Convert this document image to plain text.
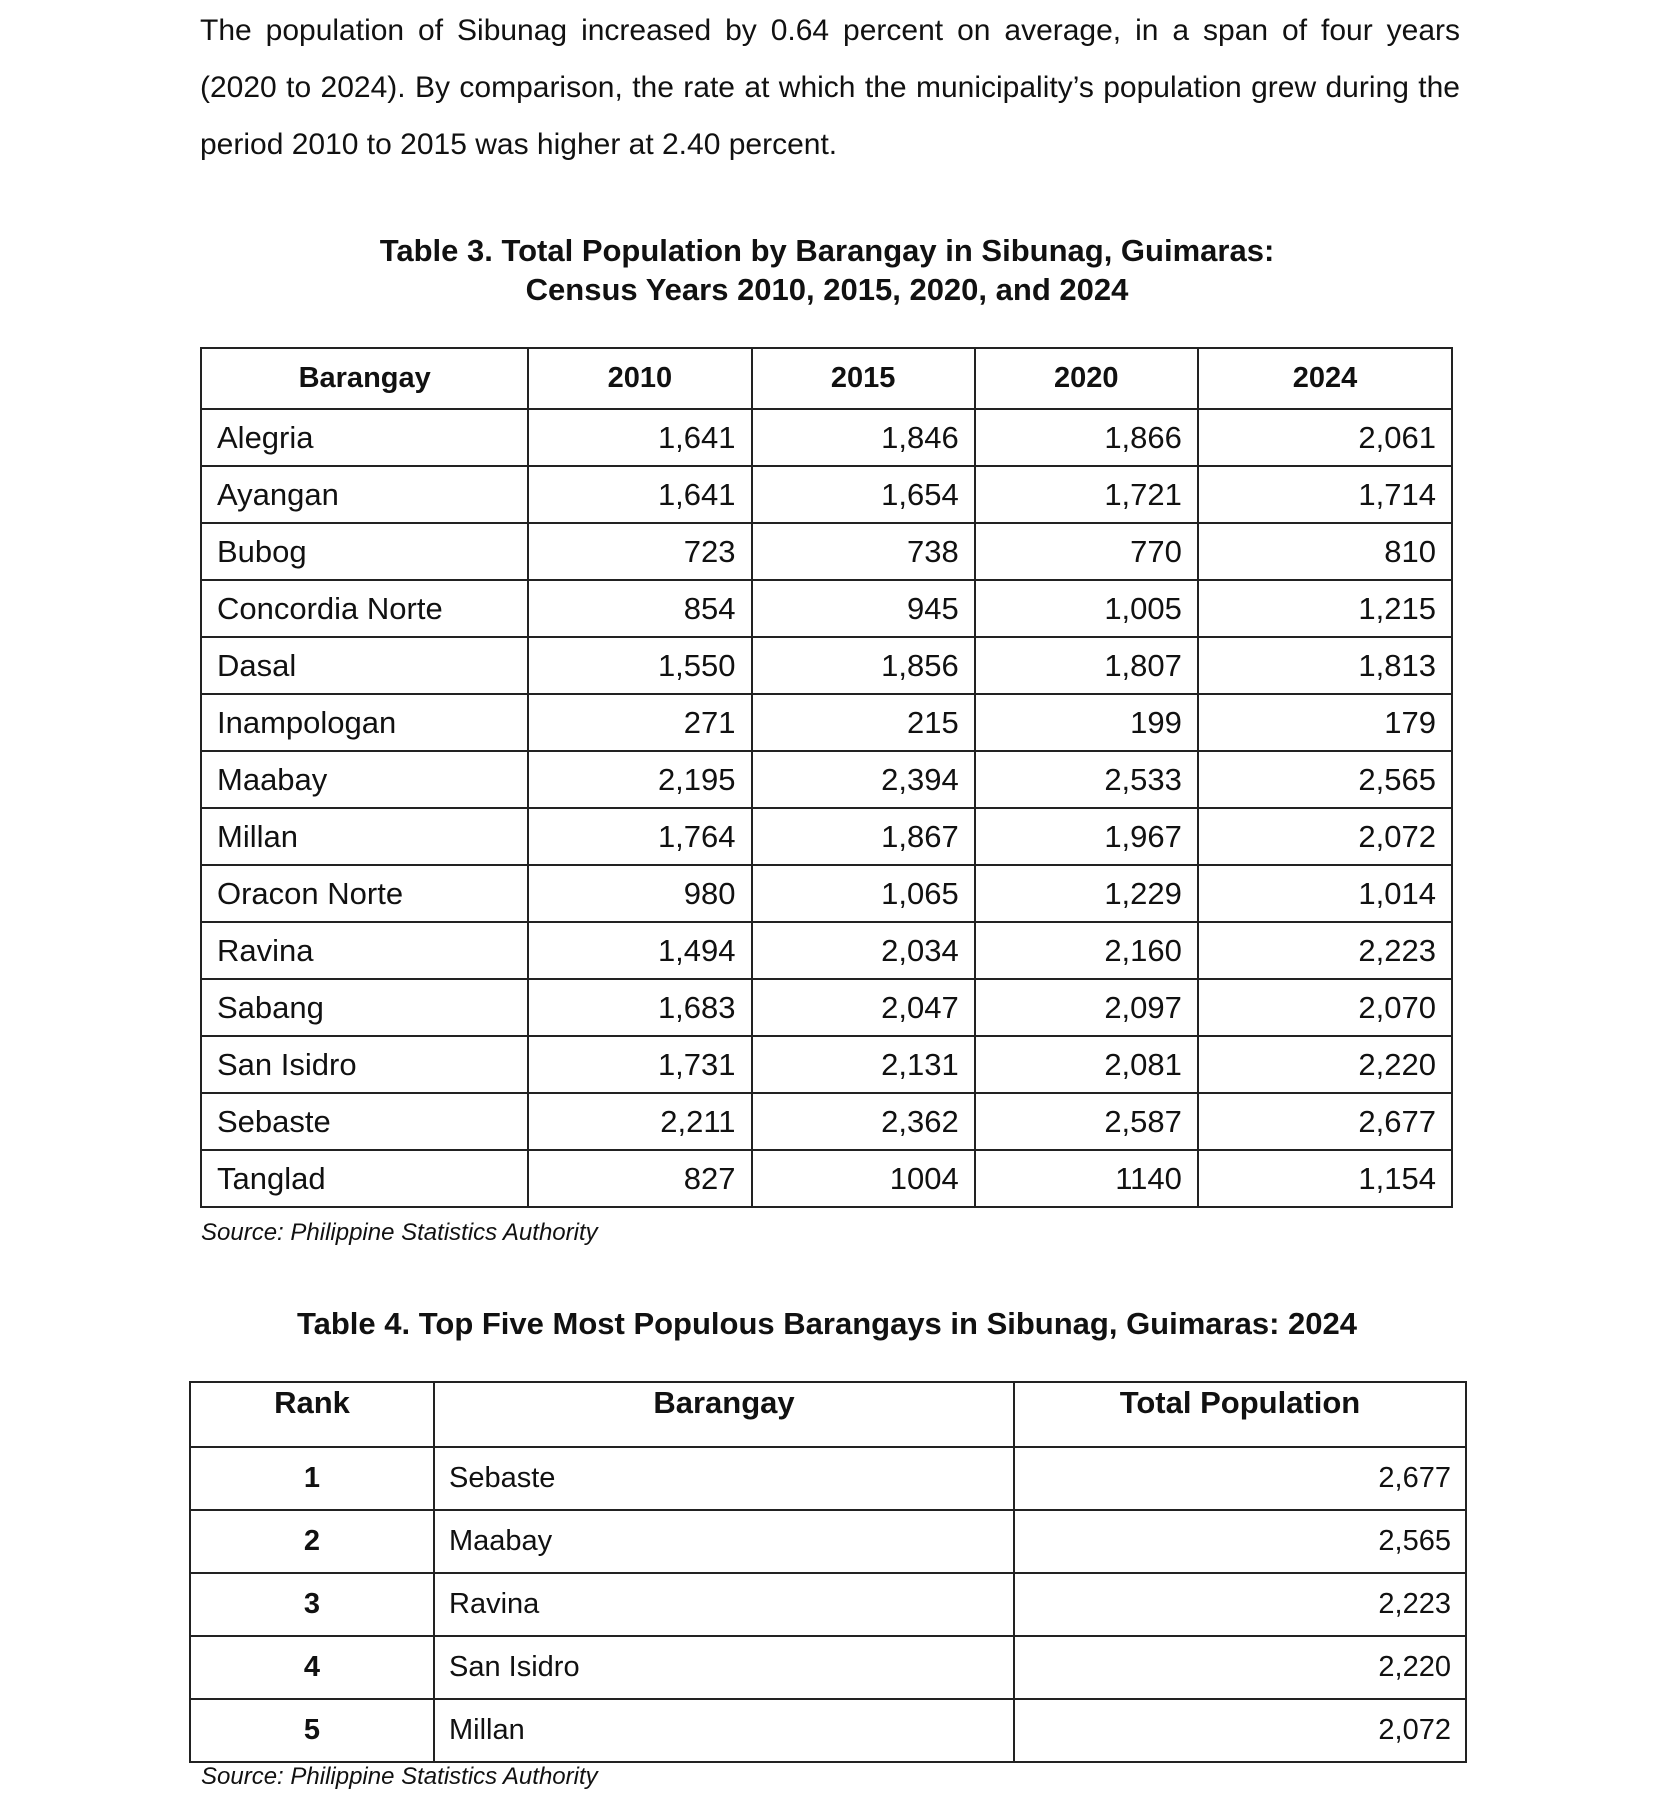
The population of Sibunag increased by 0.64 percent on average, in a span of four years (2020 to 2024). By comparison, the rate at which the municipality’s population grew during the period 2010 to 2015 was higher at 2.40 percent.

Table 3. Total Population by Barangay in Sibunag, Guimaras:
Census Years 2010, 2015, 2020, and 2024
Barangay	2010	2015	2020	2024
Alegria	1,641	1,846	1,866	2,061
Ayangan	1,641	1,654	1,721	1,714
Bubog	723	738	770	810
Concordia Norte	854	945	1,005	1,215
Dasal	1,550	1,856	1,807	1,813
Inampologan	271	215	199	179
Maabay	2,195	2,394	2,533	2,565
Millan	1,764	1,867	1,967	2,072
Oracon Norte	980	1,065	1,229	1,014
Ravina	1,494	2,034	2,160	2,223
Sabang	1,683	2,047	2,097	2,070
San Isidro	1,731	2,131	2,081	2,220
Sebaste	2,211	2,362	2,587	2,677
Tanglad	827	1004	1140	1,154

Source: Philippine Statistics Authority

Table 4. Top Five Most Populous Barangays in Sibunag, Guimaras: 2024
Rank	Barangay	Total Population
1	Sebaste	2,677
2	Maabay	2,565
3	Ravina	2,223
4	San Isidro	2,220
5	Millan	2,072

Source: Philippine Statistics Authority
